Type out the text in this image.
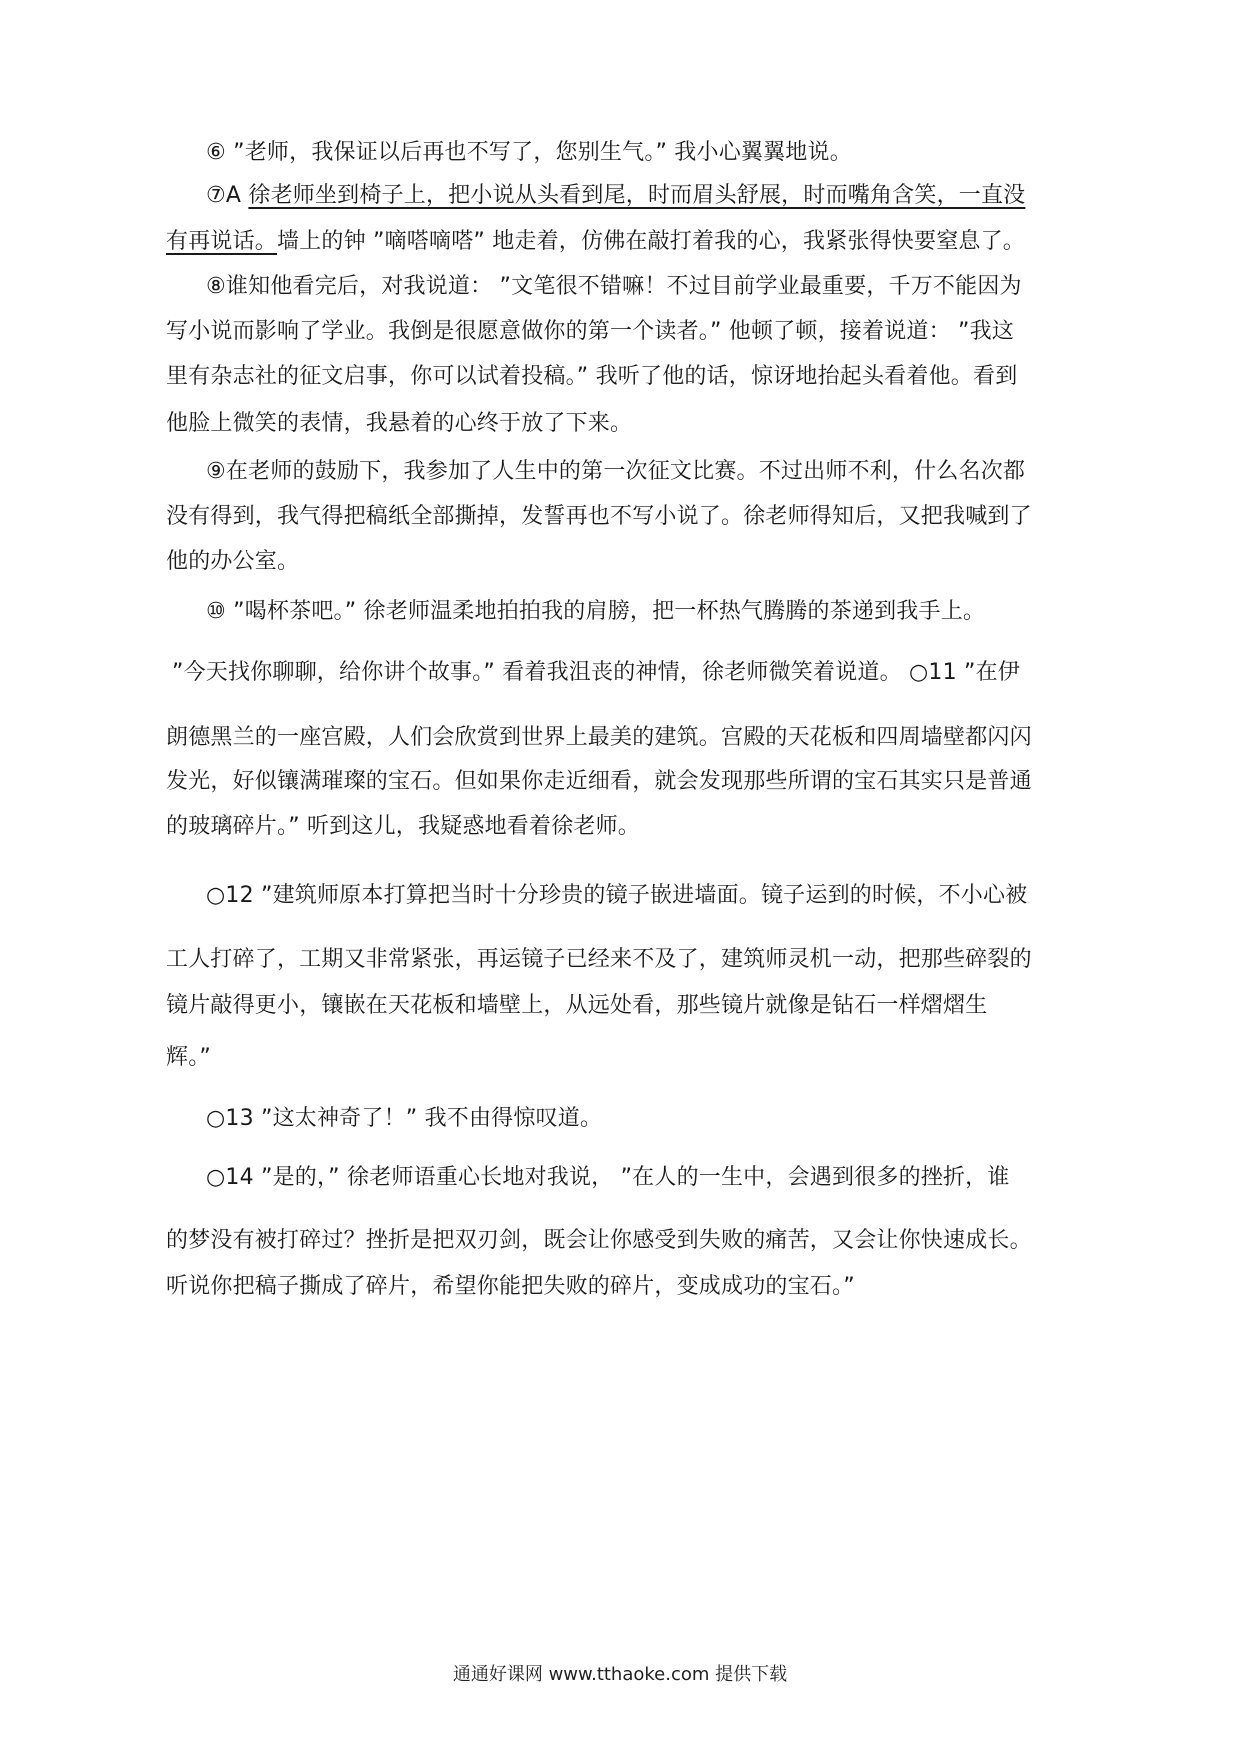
⑥ ”老师，我保证以后再也不写了，您别生气。” 我小心翼翼地说。
⑦A 徐老师坐到椅子上，把小说从头看到尾，时而眉头舒展，时而嘴角含笑，一直没
有再说话。墙上的钟 ”嘀嗒嘀嗒” 地走着，仿佛在敲打着我的心，我紧张得快要窒息了。
⑧谁知他看完后，对我说道： ”文笔很不错嘛！不过目前学业最重要，千万不能因为
写小说而影响了学业。我倒是很愿意做你的第一个读者。” 他顿了顿，接着说道： ”我这
里有杂志社的征文启事，你可以试着投稿。” 我听了他的话，惊讶地抬起头看着他。看到
他脸上微笑的表情，我悬着的心终于放了下来。
⑨在老师的鼓励下，我参加了人生中的第一次征文比赛。不过出师不利，什么名次都
没有得到，我气得把稿纸全部撕掉，发誓再也不写小说了。徐老师得知后，又把我喊到了
他的办公室。
⑩ ”喝杯茶吧。” 徐老师温柔地拍拍我的肩膀，把一杯热气腾腾的茶递到我手上。
”今天找你聊聊，给你讲个故事。” 看着我沮丧的神情，徐老师微笑着说道。 ○11 ”在伊
朗德黑兰的一座宫殿，人们会欣赏到世界上最美的建筑。宫殿的天花板和四周墙壁都闪闪
发光，好似镶满璀璨的宝石。但如果你走近细看，就会发现那些所谓的宝石其实只是普通
的玻璃碎片。” 听到这儿，我疑惑地看着徐老师。
○12 ”建筑师原本打算把当时十分珍贵的镜子嵌进墙面。镜子运到的时候，不小心被
工人打碎了，工期又非常紧张，再运镜子已经来不及了，建筑师灵机一动，把那些碎裂的
镜片敲得更小，镶嵌在天花板和墙壁上，从远处看，那些镜片就像是钻石一样熠熠生
辉。”
○13 ”这太神奇了！” 我不由得惊叹道。
○14 ”是的，” 徐老师语重心长地对我说， ”在人的一生中，会遇到很多的挫折，谁
的梦没有被打碎过？挫折是把双刃剑，既会让你感受到失败的痛苦，又会让你快速成长。
听说你把稿子撕成了碎片，希望你能把失败的碎片，变成成功的宝石。”
通通好课网 www.tthaoke.com 提供下载
